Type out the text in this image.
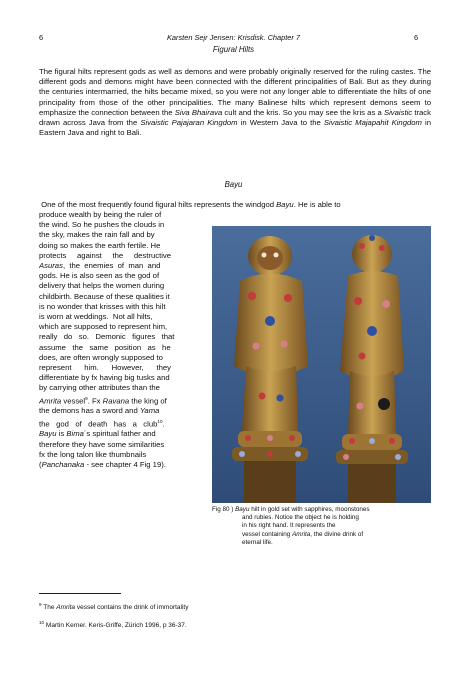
6	Karsten Sejr Jensen: Krisdisk. Chapter 7	6
Figural Hilts

The figural hilts represent gods as well as demons and were probably originally reserved for the ruling castes. The different gods and demons might have been connected with the different principalities of Bali. But as they during the centuries intermarried, the hilts became mixed, so you were not any longer able to differentiate the hilts of one principality from those of the other principalities. The many Balinese hilts which represent demons seem to emphasize the connection between the Siva Bhairava cult and the kris. So you may see the kris as a Sivaistic track drawn across Java from the Sivaistic Pajajaran Kingdom in Western Java to the Sivaistic Majapahit Kingdom in Eastern Java and right to Bali.

Bayu

One of the most frequently found figural hilts represents the windgod Bayu. He is able to

produce wealth by being the ruler of
the wind. So he pushes the clouds in
the sky, makes the rain fall and by
doing so makes the earth fertile. He
protects     against     the     destructive
Asuras,  the  enemies  of  man  and
gods. He is also seen as the god of
delivery that helps the women during
childbirth. Because of these qualities it
is no wonder that krisses with this hilt
is worn at weddings.  Not all hilts,
which are supposed to represent him,
really   do   so.   Demonic   figures   that
assume   the   same   position   as   he
does, are often wrongly supposed to
represent      him.      However,      they
differentiate by fx having big tusks and
by carrying other attributes than the
Amrita vessel$^9$. Fx Ravana the king of
the demons has a sword and Yama
the   god   of   death   has   a   club$^{10}$.
Bayu is Bima´s spiritual father and
therefore they have some similarities
fx the long talon like thumbnails
(Panchanaka - see chapter 4 Fig 19).
Fig 80 ) Bayu hilt in gold set with sapphires, moonstones
and rubies. Notice the object he is holding
in his right hand. It represents the
vessel containing Amrita, the divine drink of
eternal life.
$^9$ The Amrita vessel contains the drink of immortality
$^{10}$ Martin Kerner. Keris-Griffe, Zürich 1996, p 36-37.
